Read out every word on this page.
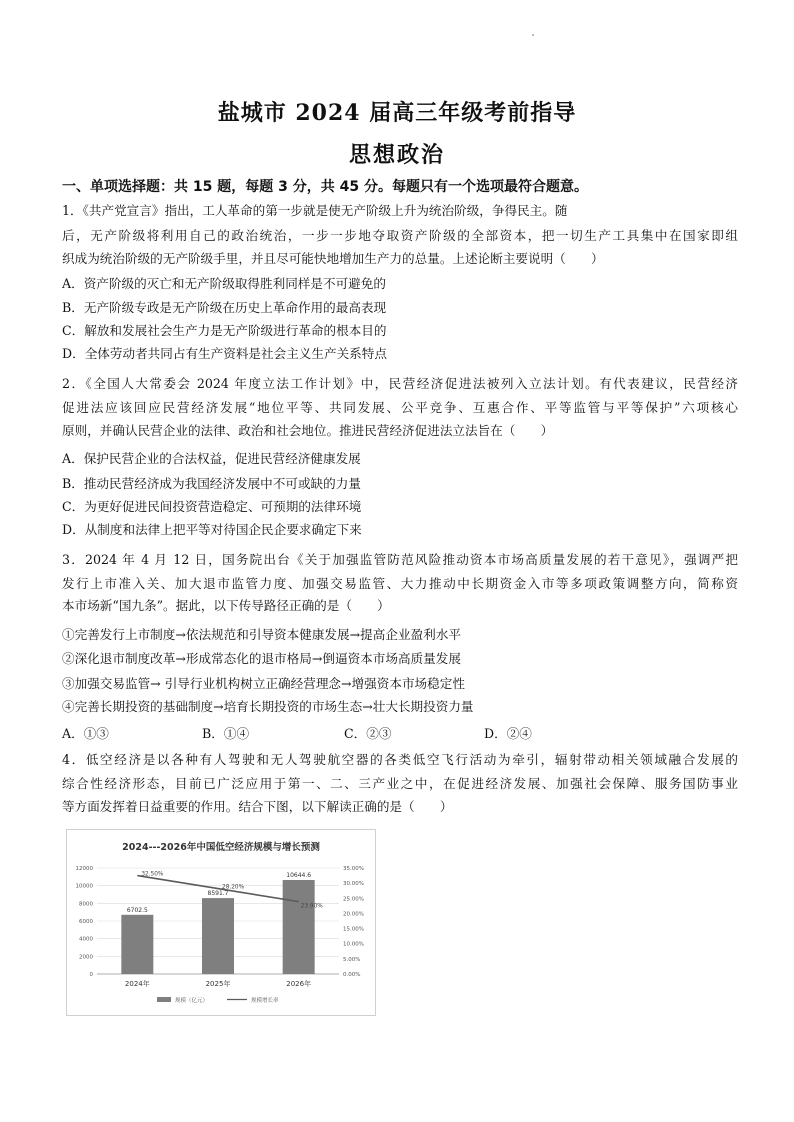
盐城市 2024 届高三年级考前指导
思想政治
一、单项选择题：共 15 题，每题 3 分，共 45 分。每题只有一个选项最符合题意。
1．《共产党宣言》指出，工人革命的第一步就是使无产阶级上升为统治阶级，争得民主。随
后，无产阶级将利用自己的政治统治，一步一步地夺取资产阶级的全部资本，把一切生产工具集中在国家即组
织成为统治阶级的无产阶级手里，并且尽可能快地增加生产力的总量。上述论断主要说明（　　）
A．资产阶级的灭亡和无产阶级取得胜利同样是不可避免的
B．无产阶级专政是无产阶级在历史上革命作用的最高表现
C．解放和发展社会生产力是无产阶级进行革命的根本目的
D．全体劳动者共同占有生产资料是社会主义生产关系特点
2．《全国人大常委会 2024 年度立法工作计划》中，民营经济促进法被列入立法计划。有代表建议，民营经济
促进法应该回应民营经济发展“地位平等、共同发展、公平竞争、互惠合作、平等监管与平等保护”六项核心
原则，并确认民营企业的法律、政治和社会地位。推进民营经济促进法立法旨在（　　）
A．保护民营企业的合法权益，促进民营经济健康发展
B．推动民营经济成为我国经济发展中不可或缺的力量
C．为更好促进民间投资营造稳定、可预期的法律环境
D．从制度和法律上把平等对待国企民企要求确定下来
3．2024 年 4 月 12 日，国务院出台《关于加强监管防范风险推动资本市场高质量发展的若干意见》，强调严把
发行上市准入关、加大退市监管力度、加强交易监管、大力推动中长期资金入市等多项政策调整方向，简称资
本市场新“国九条”。据此，以下传导路径正确的是（　　）
①完善发行上市制度→依法规范和引导资本健康发展→提高企业盈利水平
②深化退市制度改革→形成常态化的退市格局→倒逼资本市场高质量发展
③加强交易监管→ 引导行业机构树立正确经营理念→增强资本市场稳定性
④完善长期投资的基础制度→培育长期投资的市场生态→壮大长期投资力量
A．①③	B．①④	C．②③	D．②④
4．低空经济是以各种有人驾驶和无人驾驶航空器的各类低空飞行活动为牵引，辐射带动相关领域融合发展的
综合性经济形态，目前已广泛应用于第一、二、三产业之中，在促进经济发展、加强社会保障、服务国防事业
等方面发挥着日益重要的作用。结合下图，以下解读正确的是（　　）
2024---2026年中国低空经济规模与增长预测
0
2000
4000
6000
8000
10000
12000
0.00%
5.00%
10.00%
15.00%
20.00%
25.00%
30.00%
35.00%
6702.5
2024年
8591.7
2025年
10644.6
2026年
32.50%
28.20%
23.90%
规模（亿元）	规模增长率
